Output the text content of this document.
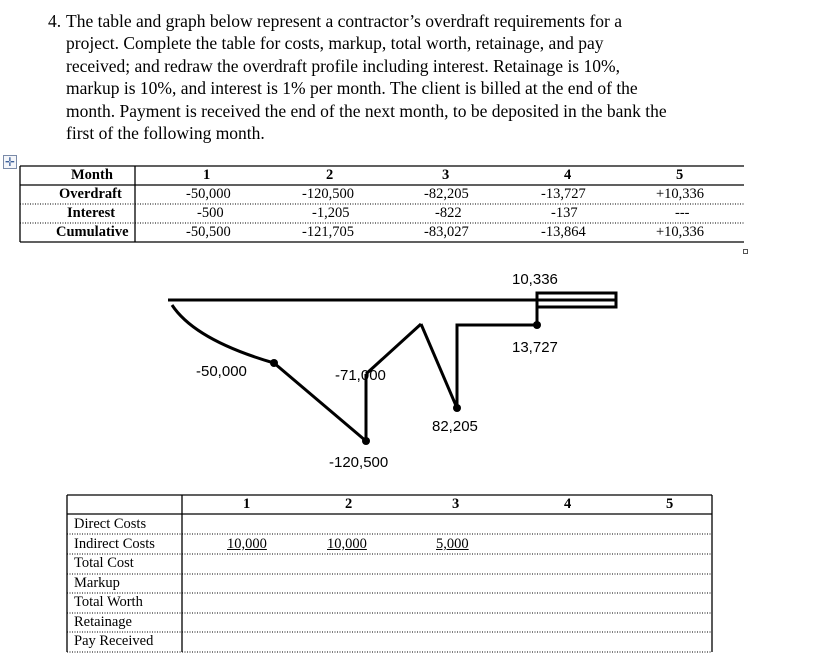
4. The table and graph below represent a contractor’s overdraft requirements for a
project. Complete the table for costs, markup, total worth, retainage, and pay
received; and redraw the overdraft profile including interest. Retainage is 10%,
markup is 10%, and interest is 1% per month. The client is billed at the end of the
month. Payment is received the end of the next month, to be deposited in the bank the
first of the following month.
✛
10,336
13,727
-50,000	-71,000
82,205
-120,500
Month	1	2	3	4	5
Overdraft	-50,000	-120,500	-82,205	-13,727	+10,336
Interest	-500	-1,205	-822	-137	---
Cumulative	-50,500	-121,705	-83,027	-13,864	+10,336
1	2	3	4	5
Direct Costs
Indirect Costs	10,000	10,000	5,000
Total Cost
Markup
Total Worth
Retainage
Pay Received
